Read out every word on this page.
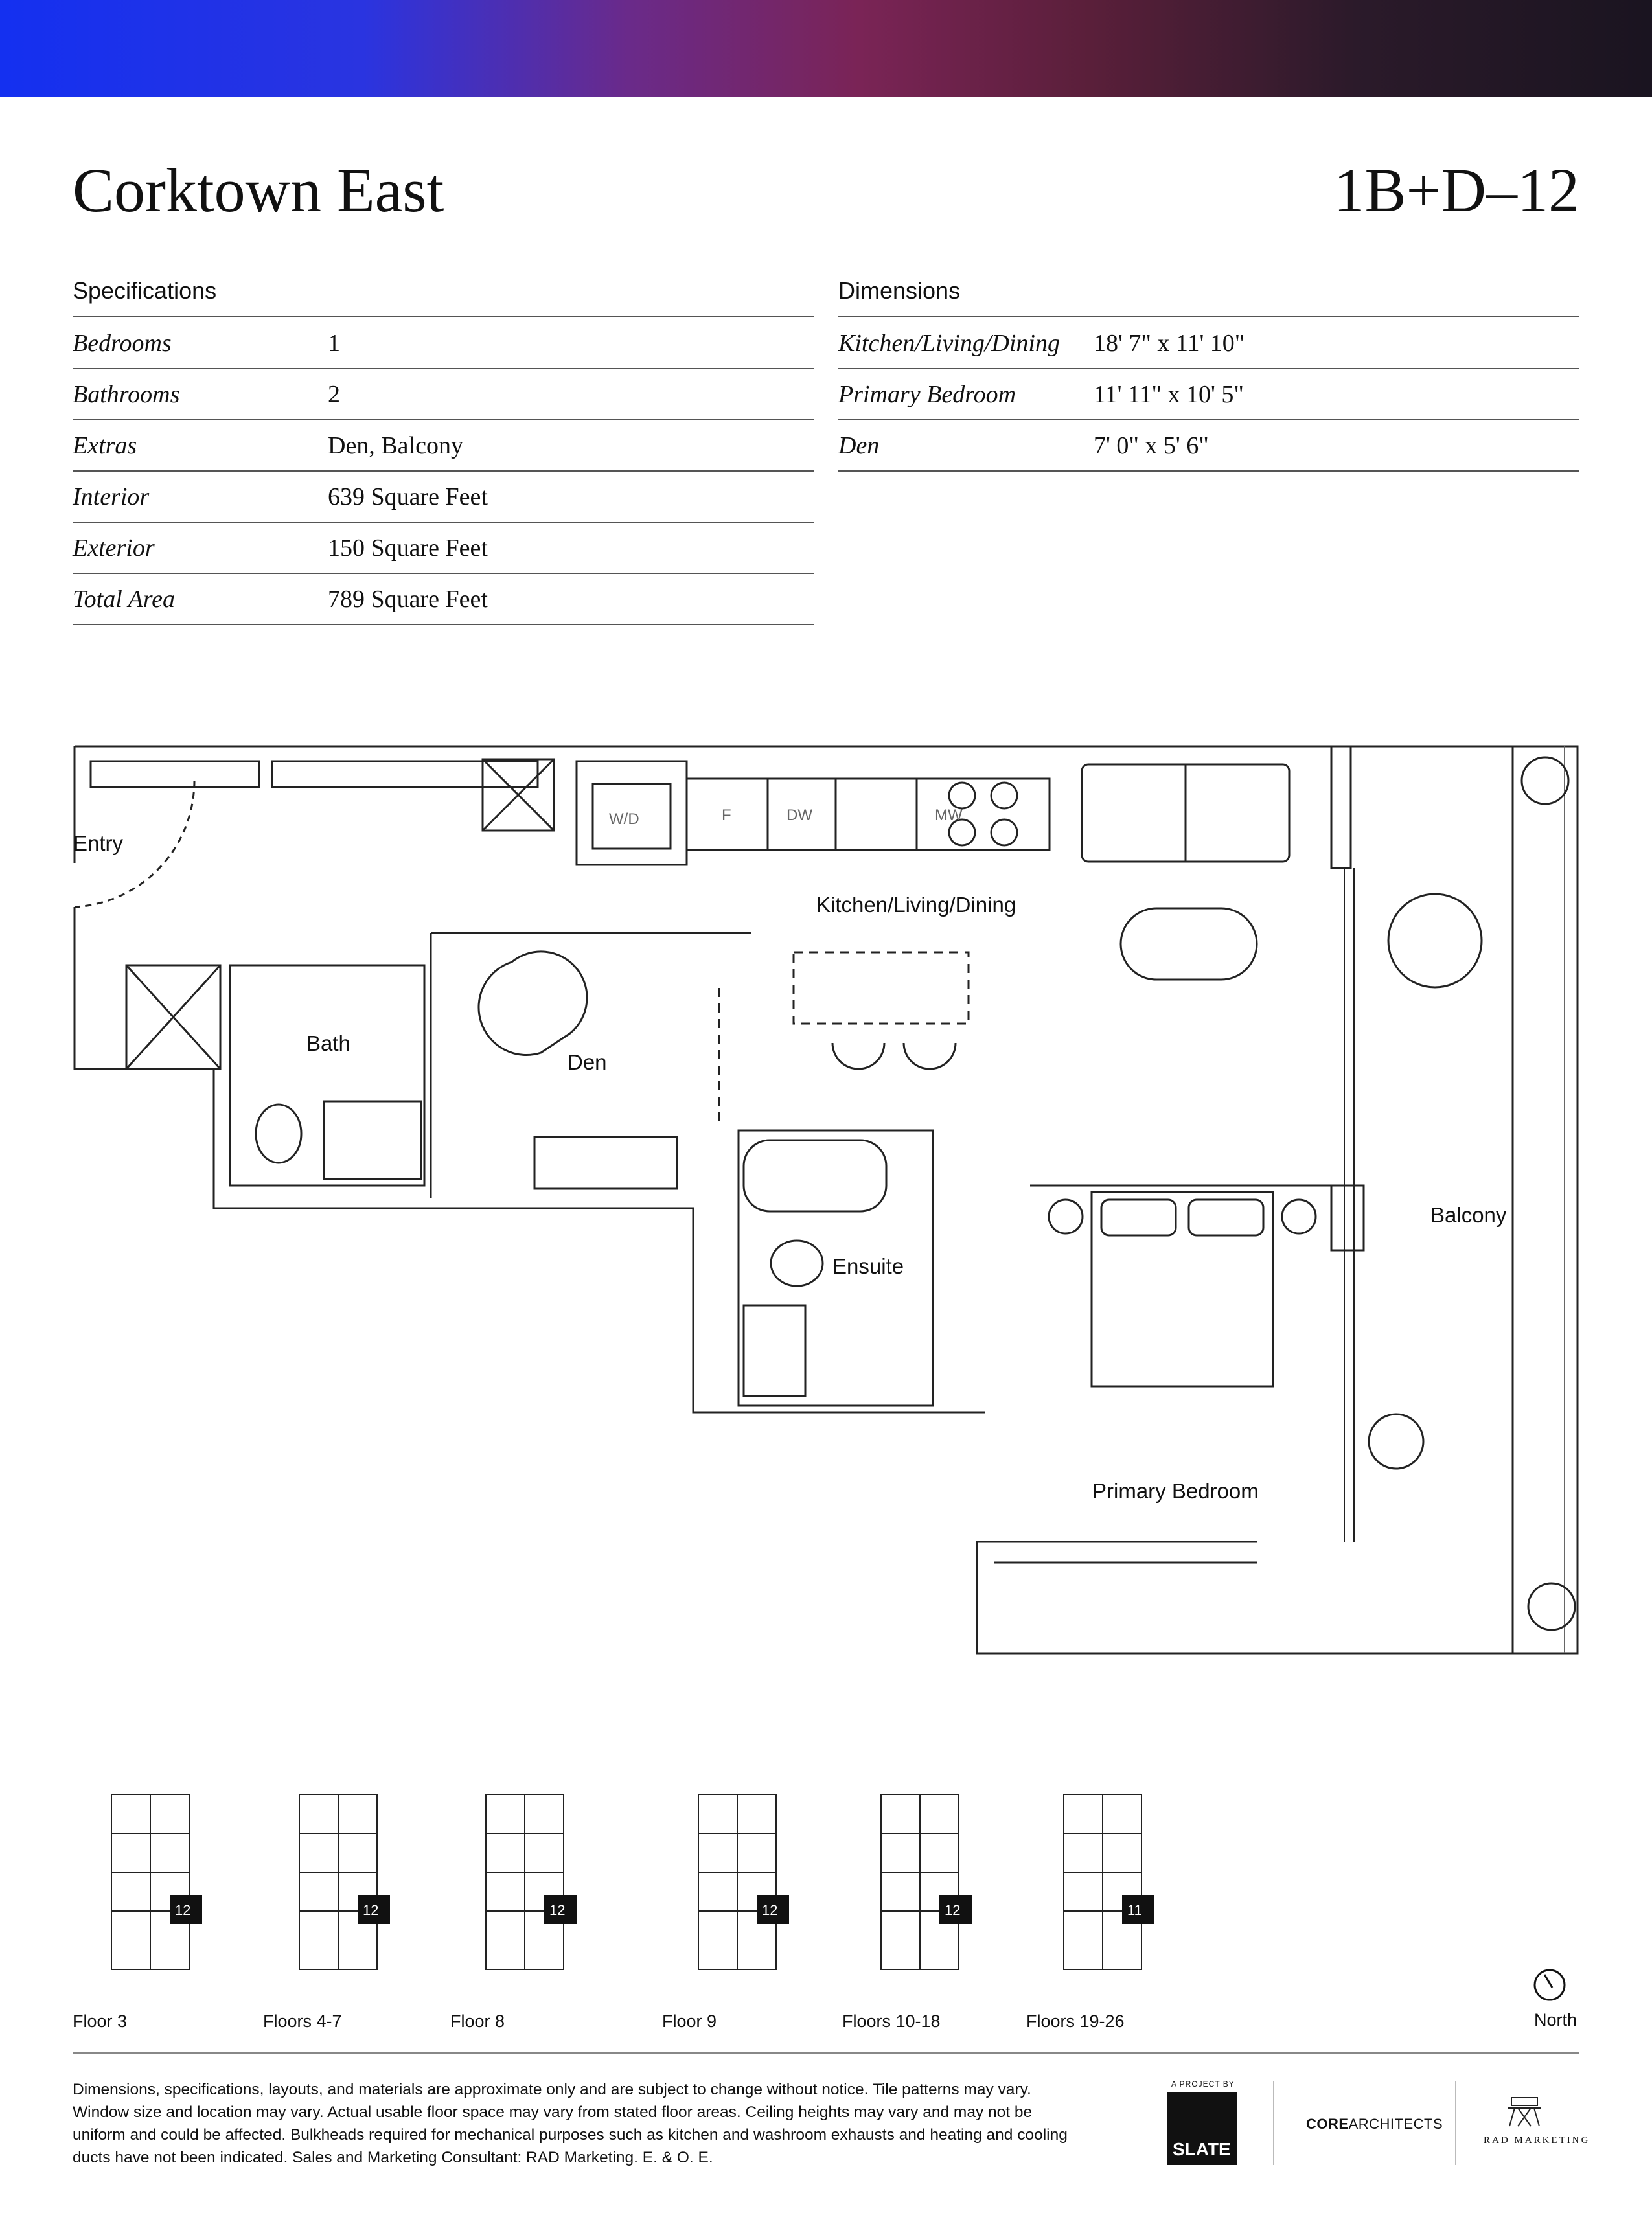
Corktown East	1B+D–12
Specifications
Bedrooms	1
Bathrooms	2
Extras	Den, Balcony
Interior	639 Square Feet
Exterior	150 Square Feet
Total Area	789 Square Feet
Dimensions
Kitchen/Living/Dining 18' 7" x 11' 10"
Primary Bedroom	11' 11" x 10' 5"
Den	7' 0" x 5' 6"
Entry
Kitchen/Living/Dining
Bath
Den
Ensuite
Primary Bedroom
Balcony
W/D	F	DW	MW
12
Floor 3
12
Floors 4-7
12
Floor 8
12
Floor 9
12
Floors 10-18
11
Floors 19-26	North
Dimensions, specifications, layouts, and materials are approximate only and are subject to change without notice. Tile patterns may vary. Window size and location may vary. Actual usable floor space may vary from stated floor areas. Ceiling heights may vary and may not be uniform and could be affected. Bulkheads required for mechanical purposes such as kitchen and washroom exhausts and heating and cooling ducts have not been indicated. Sales and Marketing Consultant: RAD Marketing. E. & O. E.
A PROJECT BY
SLATE
COREARCHITECTS
RAD MARKETING
